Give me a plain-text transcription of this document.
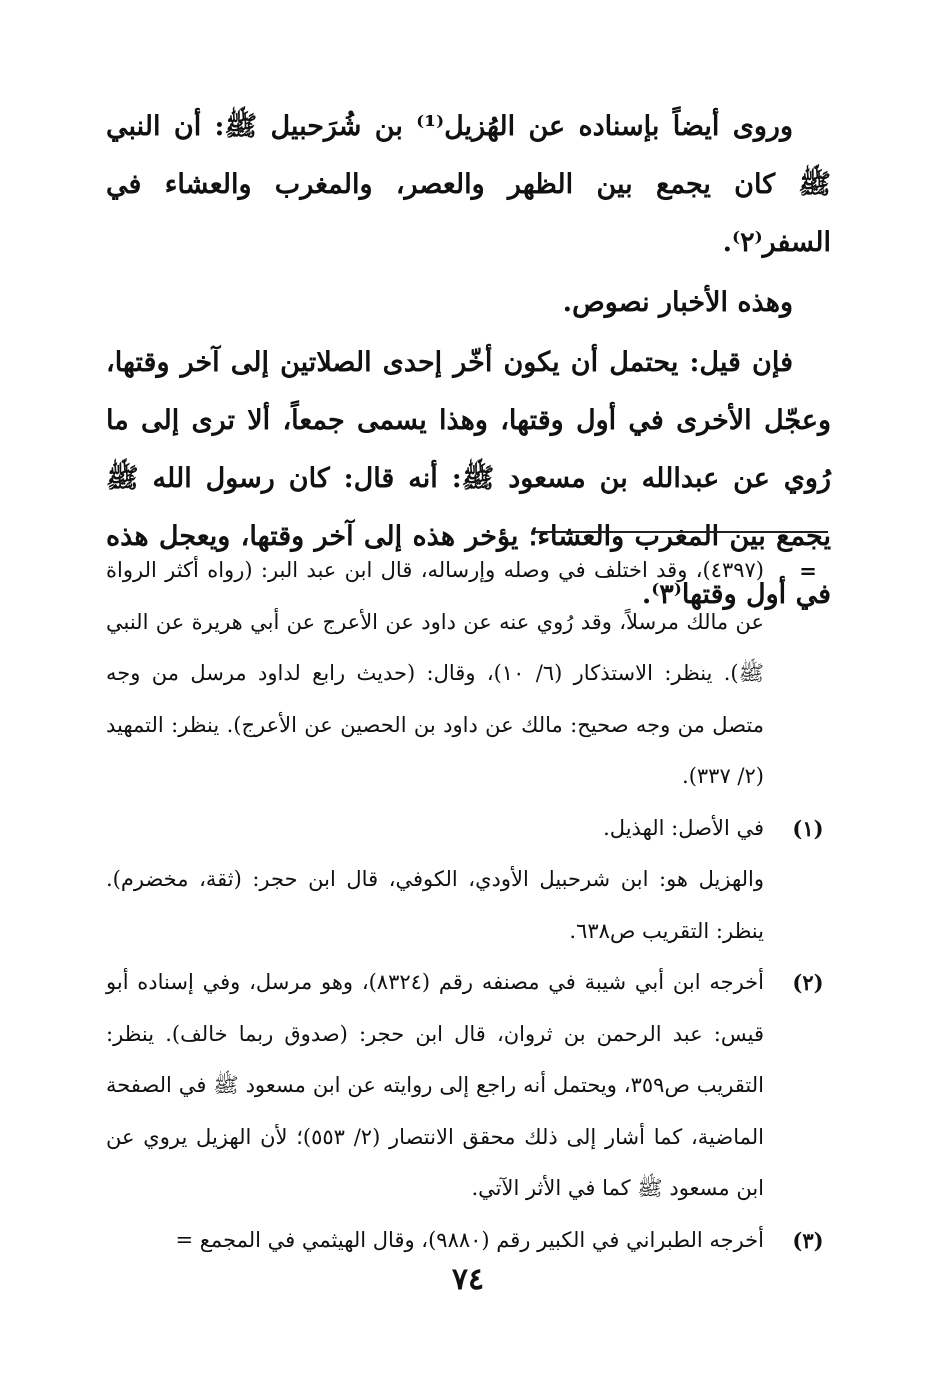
وروى أيضاً بإسناده عن الهُزيل⁽¹⁾ بن شُرَحبيل ﷺ: أن النبي ﷺ كان يجمع بين الظهر والعصر، والمغرب والعشاء في السفر⁽٢⁾.

وهذه الأخبار نصوص.

فإن قيل: يحتمل أن يكون أخّر إحدى الصلاتين إلى آخر وقتها، وعجّل الأخرى في أول وقتها، وهذا يسمى جمعاً، ألا ترى إلى ما رُوي عن عبدالله بن مسعود ﷺ: أنه قال: كان رسول الله ﷺ يجمع بين المغرب والعشاء؛ يؤخر هذه إلى آخر وقتها، ويعجل هذه في أول وقتها⁽٣⁾.

=

(٤٣٩٧)، وقد اختلف في وصله وإرساله، قال ابن عبد البر: (رواه أكثر الرواة عن مالك مرسلاً، وقد رُوي عنه عن داود عن الأعرج عن أبي هريرة عن النبي ﷺ). ينظر: الاستذكار (٦/ ١٠)، وقال: (حديث رابع لداود مرسل من وجه متصل من وجه صحيح: مالك عن داود بن الحصين عن الأعرج). ينظر: التمهيد (٢/ ٣٣٧).

(١)

في الأصل: الهذيل.

والهزيل هو: ابن شرحبيل الأودي، الكوفي، قال ابن حجر: (ثقة، مخضرم). ينظر: التقريب ص٦٣٨.

(٢)

أخرجه ابن أبي شيبة في مصنفه رقم (٨٣٢٤)، وهو مرسل، وفي إسناده أبو قيس: عبد الرحمن بن ثروان، قال ابن حجر: (صدوق ربما خالف). ينظر: التقريب ص٣٥٩، ويحتمل أنه راجع إلى روايته عن ابن مسعود ﷺ في الصفحة الماضية، كما أشار إلى ذلك محقق الانتصار (٢/ ٥٥٣)؛ لأن الهزيل يروي عن ابن مسعود ﷺ كما في الأثر الآتي.

(٣)

أخرجه الطبراني في الكبير رقم (٩٨٨٠)، وقال الهيثمي في المجمع =

٧٤
